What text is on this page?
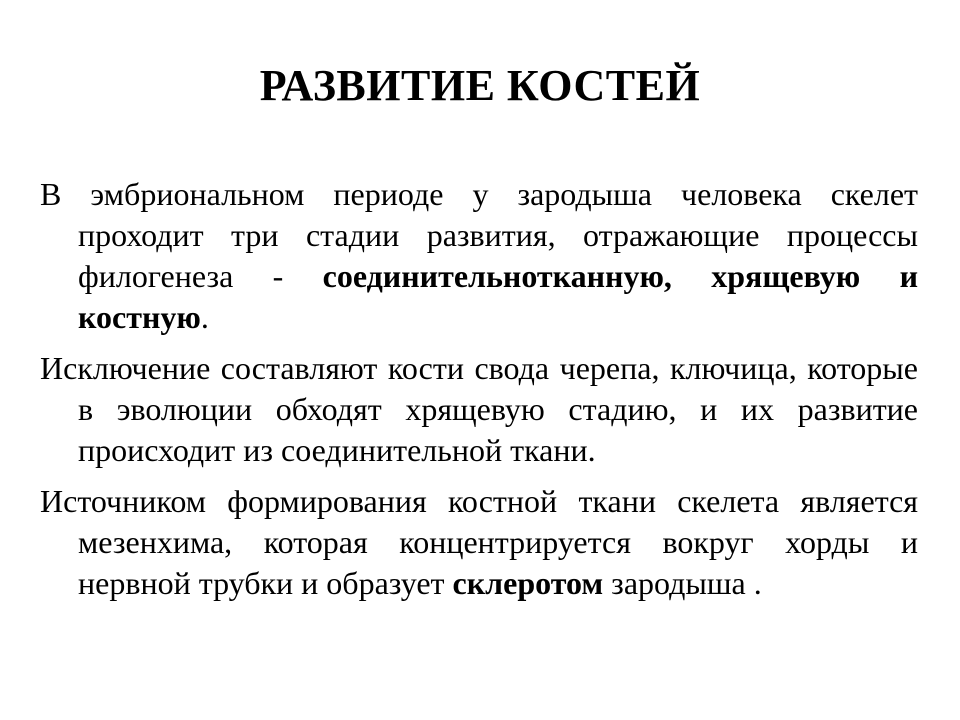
РАЗВИТИЕ КОСТЕЙ

В эмбриональном периоде у зародыша человека скелет проходит три стадии развития, отражающие процессы филогенеза - соединительнотканную, хрящевую и костную.

Исключение составляют кости свода черепа, ключица, которые в эволюции обходят хрящевую стадию, и их развитие происходит из соединительной ткани.

Источником формирования костной ткани скелета является мезенхима, которая концентрируется вокруг хорды и нервной трубки и образует склеротом зародыша .
